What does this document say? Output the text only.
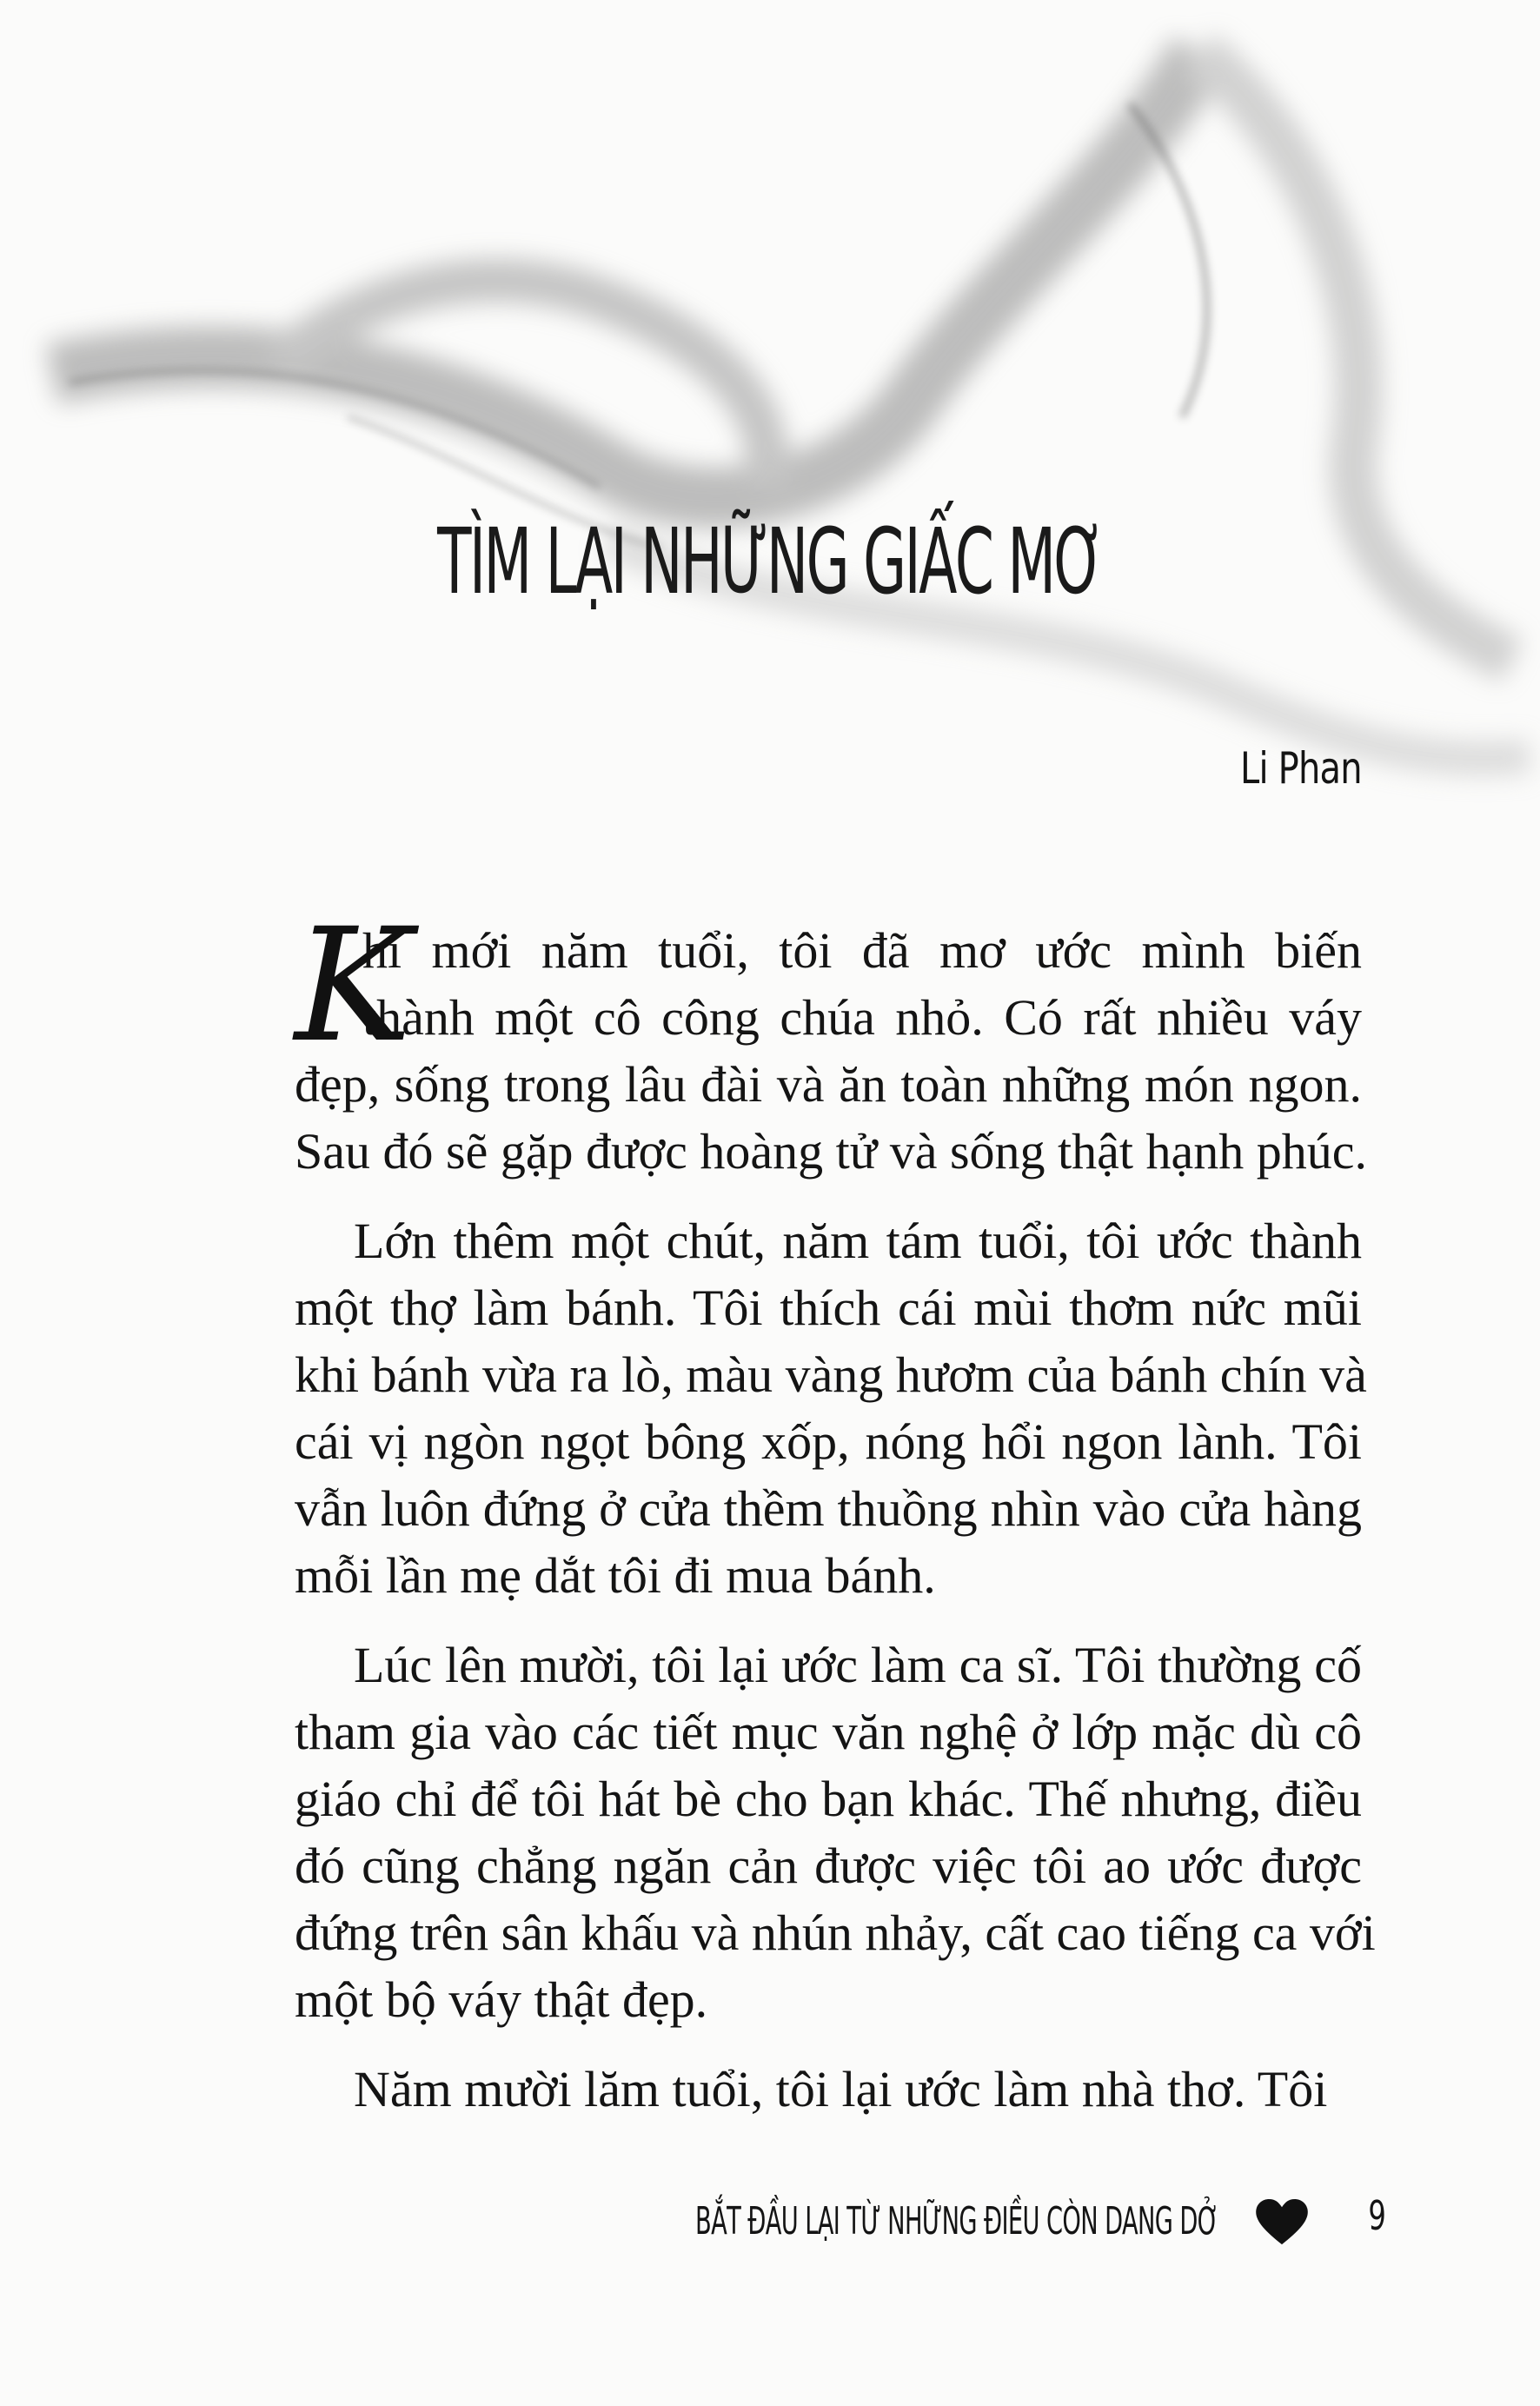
TÌM LẠI NHỮNG GIẤC MƠ
Li Phan
K
hi mới năm tuổi, tôi đã mơ ước mình biến
thành một cô công chúa nhỏ. Có rất nhiều váy
đẹp, sống trong lâu đài và ăn toàn những món ngon.
Sau đó sẽ gặp được hoàng tử và sống thật hạnh phúc.
Lớn thêm một chút, năm tám tuổi, tôi ước thành
một thợ làm bánh. Tôi thích cái mùi thơm nức mũi
khi bánh vừa ra lò, màu vàng hươm của bánh chín và
cái vị ngòn ngọt bông xốp, nóng hổi ngon lành. Tôi
vẫn luôn đứng ở cửa thềm thuồng nhìn vào cửa hàng
mỗi lần mẹ dắt tôi đi mua bánh.
Lúc lên mười, tôi lại ước làm ca sĩ. Tôi thường cố
tham gia vào các tiết mục văn nghệ ở lớp mặc dù cô
giáo chỉ để tôi hát bè cho bạn khác. Thế nhưng, điều
đó cũng chẳng ngăn cản được việc tôi ao ước được
đứng trên sân khấu và nhún nhảy, cất cao tiếng ca với
một bộ váy thật đẹp.
Năm mười lăm tuổi, tôi lại ước làm nhà thơ. Tôi
BẮT ĐẦU LẠI TỪ NHỮNG ĐIỀU CÒN DANG DỞ	9
